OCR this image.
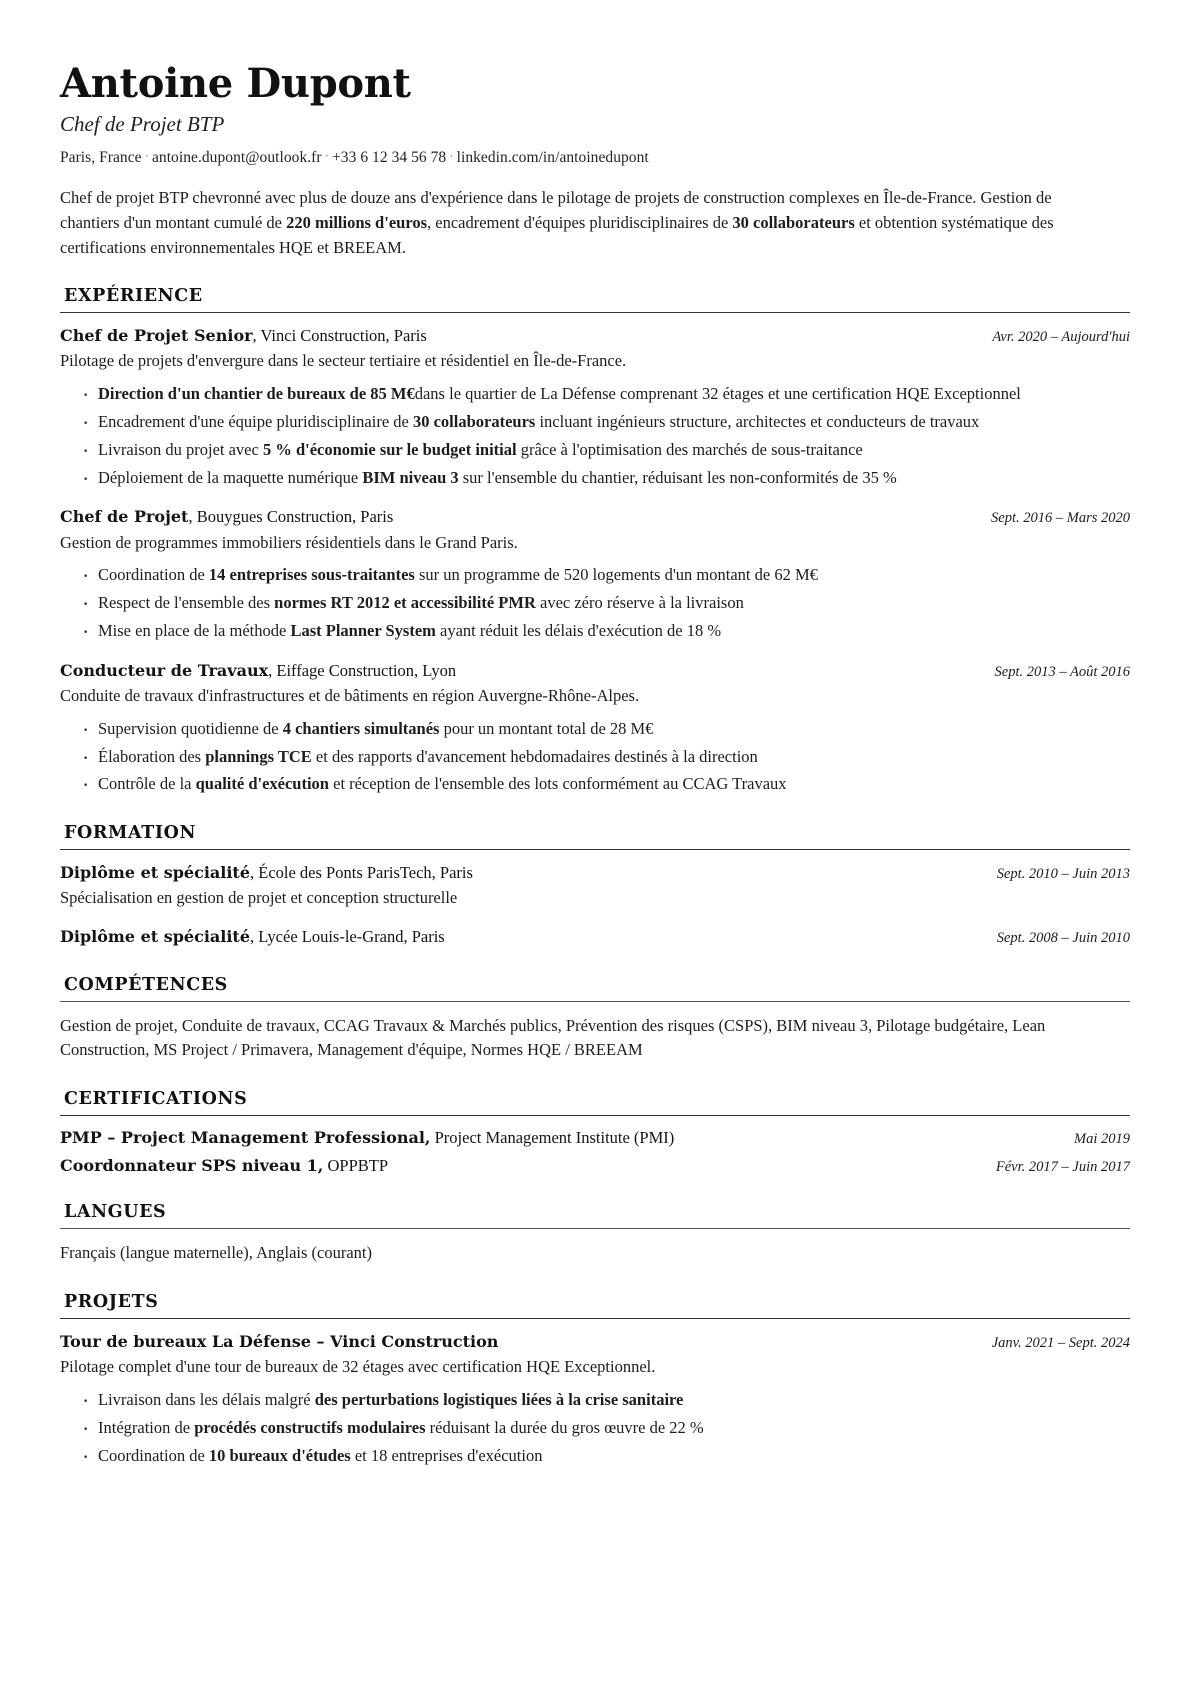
Antoine Dupont
Chef de Projet BTP
Paris, France · antoine.dupont@outlook.fr · +33 6 12 34 56 78 · linkedin.com/in/antoinedupont

Chef de projet BTP chevronné avec plus de douze ans d'expérience dans le pilotage de projets de construction complexes en Île-de-France. Gestion de chantiers d'un montant cumulé de 220 millions d'euros, encadrement d'équipes pluridisciplinaires de 30 collaborateurs et obtention systématique des certifications environnementales HQE et BREEAM.

EXPÉRIENCE
Chef de Projet Senior, Vinci Construction, Paris	Avr. 2020 – Aujourd'hui
Pilotage de projets d'envergure dans le secteur tertiaire et résidentiel en Île-de-France.
· Direction d'un chantier de bureaux de 85 M€dans le quartier de La Défense comprenant 32 étages et une certification HQE Exceptionnel
· Encadrement d'une équipe pluridisciplinaire de 30 collaborateurs incluant ingénieurs structure, architectes et conducteurs de travaux
· Livraison du projet avec 5 % d'économie sur le budget initial grâce à l'optimisation des marchés de sous-traitance
· Déploiement de la maquette numérique BIM niveau 3 sur l'ensemble du chantier, réduisant les non-conformités de 35 %
Chef de Projet, Bouygues Construction, Paris	Sept. 2016 – Mars 2020
Gestion de programmes immobiliers résidentiels dans le Grand Paris.
· Coordination de 14 entreprises sous-traitantes sur un programme de 520 logements d'un montant de 62 M€
· Respect de l'ensemble des normes RT 2012 et accessibilité PMR avec zéro réserve à la livraison
· Mise en place de la méthode Last Planner System ayant réduit les délais d'exécution de 18 %
Conducteur de Travaux, Eiffage Construction, Lyon	Sept. 2013 – Août 2016
Conduite de travaux d'infrastructures et de bâtiments en région Auvergne-Rhône-Alpes.
· Supervision quotidienne de 4 chantiers simultanés pour un montant total de 28 M€
· Élaboration des plannings TCE et des rapports d'avancement hebdomadaires destinés à la direction
· Contrôle de la qualité d'exécution et réception de l'ensemble des lots conformément au CCAG Travaux
FORMATION
Diplôme et spécialité, École des Ponts ParisTech, Paris	Sept. 2010 – Juin 2013
Spécialisation en gestion de projet et conception structurelle
Diplôme et spécialité, Lycée Louis-le-Grand, Paris	Sept. 2008 – Juin 2010
COMPÉTENCES
Gestion de projet, Conduite de travaux, CCAG Travaux & Marchés publics, Prévention des risques (CSPS), BIM niveau 3, Pilotage budgétaire, Lean Construction, MS Project / Primavera, Management d'équipe, Normes HQE / BREEAM
CERTIFICATIONS
PMP – Project Management Professional, Project Management Institute (PMI)	Mai 2019
Coordonnateur SPS niveau 1, OPPBTP	Févr. 2017 – Juin 2017
LANGUES
Français (langue maternelle), Anglais (courant)
PROJETS
Tour de bureaux La Défense – Vinci Construction	Janv. 2021 – Sept. 2024
Pilotage complet d'une tour de bureaux de 32 étages avec certification HQE Exceptionnel.
· Livraison dans les délais malgré des perturbations logistiques liées à la crise sanitaire
· Intégration de procédés constructifs modulaires réduisant la durée du gros œuvre de 22 %
· Coordination de 10 bureaux d'études et 18 entreprises d'exécution
